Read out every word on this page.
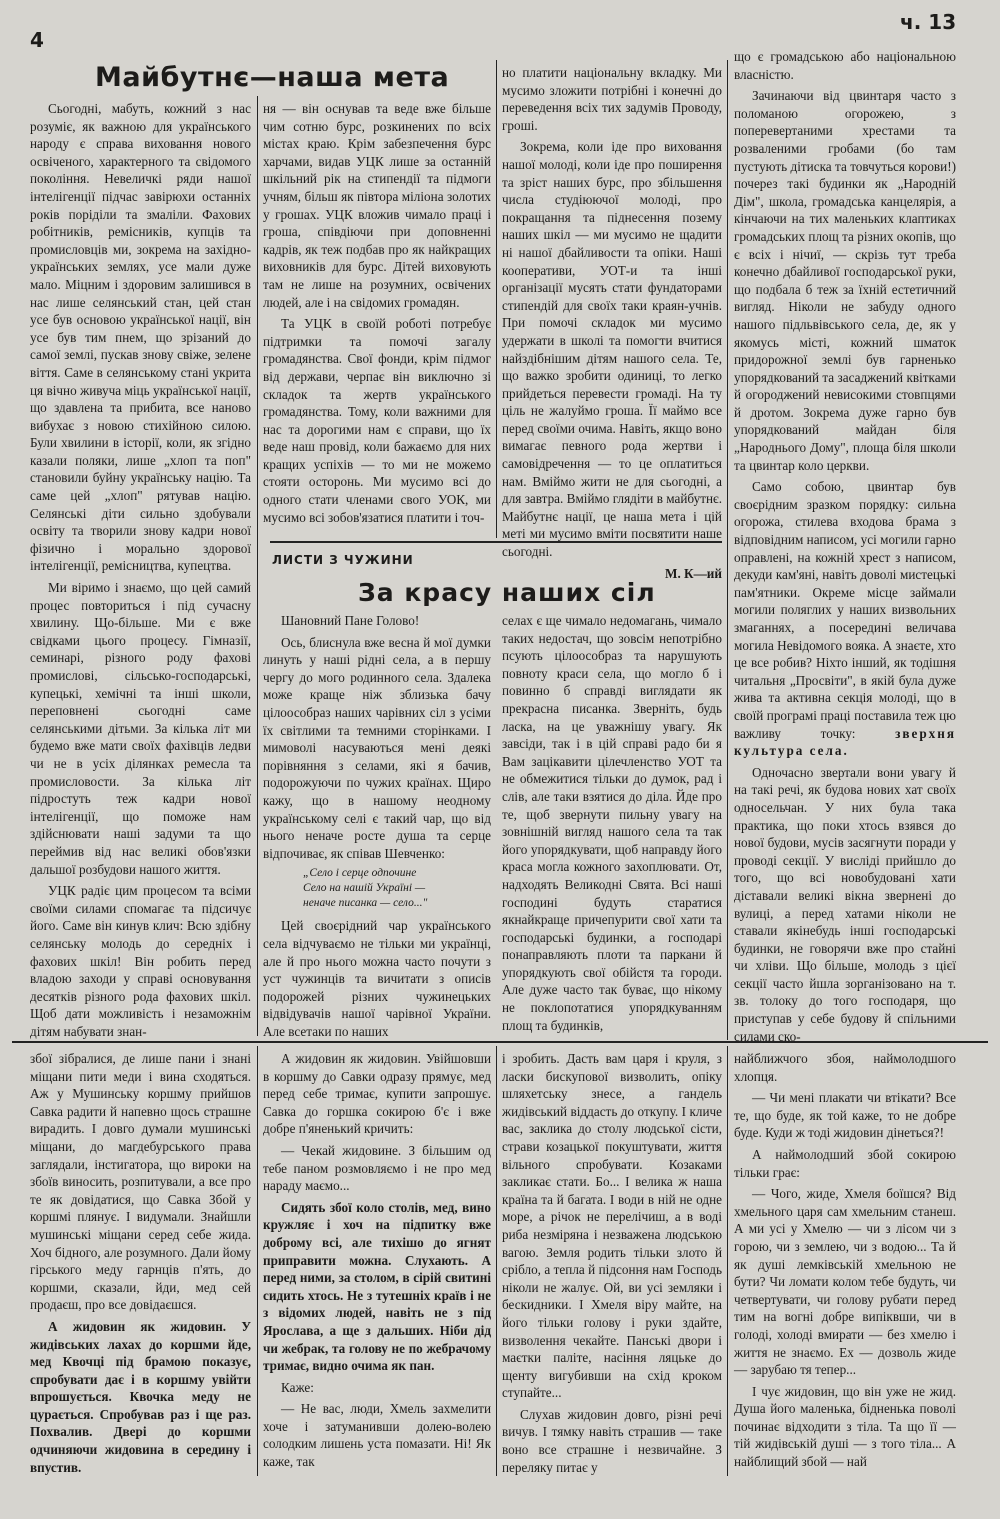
4
ч. 13
Майбутнє—наша мета

Сьогодні, мабуть, кожний з нас розуміє, як важною для українського народу є справа виховання нового освіченого, характерного та свідомого покоління. Невеличкі ряди нашої інтелігенції підчас завірюхи останніх років поріділи та змаліли. Фахових робітників, ремісників, купців та промисловців ми, зокрема на західно-українських землях, усе мали дуже мало. Міцним і здоровим залишився в нас лише селянський стан, цей стан усе був основою української нації, він усе був тим пнем, що зрізаний до самої землі, пускав знову свіже, зелене віття. Саме в селянському стані укрита ця вічно живуча міць української нації, що здавлена та прибита, все наново вибухає з новою стихійною силою. Були хвилини в історії, коли, як згідно казали поляки, лише „хлоп та поп" становили буйну українську націю. Та саме цей „хлоп" рятував націю. Селянські діти сильно здобували освіту та творили знову кадри нової фізично і морально здорової інтелігенції, ремісництва, купецтва.

Ми віримо і знаємо, що цей самий процес повториться і під сучасну хвилину. Що-більше. Ми є вже свідками цього процесу. Гімназії, семинарі, різного роду фахові промислові, сільсько-господарські, купецькі, хемічні та інші школи, переповнені сьогодні саме селянськими дітьми. За кілька літ ми будемо вже мати своїх фахівців ледви чи не в усіх ділянках ремесла та промисловости. За кілька літ підростуть теж кадри нової інтелігенції, що поможе нам здійснювати наші задуми та що переймив від нас великі обов'язки дальшої розбудови нашого життя.

УЦК радіє цим процесом та всіми своїми силами спомагає та підсичує його. Саме він кинув клич: Всю здібну селянську молодь до середніх і фахових шкіл! Він робить перед владою заходи у справі основування десятків різного рода фахових шкіл. Щоб дати можливість і незаможнім дітям набувати знан-

ня — він оснував та веде вже більше чим сотню бурс, розкинених по всіх містах краю. Крім забезпечення бурс харчами, видав УЦК лише за останній шкільний рік на стипендії та підмоги учням, більш як півтора міліона золотих у грошах. УЦК вложив чимало праці і гроша, співдіючи при доповненні кадрів, як теж подбав про як найкращих виховників для бурс. Дітей виховують там не лише на розумних, освічених людей, але і на свідомих громадян.

Та УЦК в своїй роботі потребує підтримки та помочі загалу громадянства. Свої фонди, крім підмог від держави, черпає він виключно зі складок та жертв українського громадянства. Тому, коли важними для нас та дорогими нам є справи, що їх веде наш провід, коли бажаємо для них кращих успіхів — то ми не можемо стояти осторонь. Ми мусимо всі до одного стати членами свого УОК, ми мусимо всі зобов'язатися платити і точ-

но платити національну вкладку. Ми мусимо зложити потрібні і конечні до переведення всіх тих задумів Проводу, гроші.

Зокрема, коли іде про виховання нашої молоді, коли іде про поширення та зріст наших бурс, про збільшення числа студіюючої молоді, про покращання та піднесення позему наших шкіл — ми мусимо не щадити ні нашої дбайливости та опіки. Наші кооперативи, УОТ-и та інші організації мусять стати фундаторами стипендій для своїх таки краян-учнів. При помочі складок ми мусимо удержати в школі та помогти вчитися найздібнішим дітям нашого села. Те, що важко зробити одиниці, то легко прийдеться перевести громаді. На ту ціль не жалуймо гроша. Її маймо все перед своїми очима. Навіть, якщо воно вимагає певного рода жертви і самовідречення — то це оплатиться нам. Вміймо жити не для сьогодні, а для завтра. Вміймо глядіти в майбутнє. Майбутнє нації, це наша мета і цій меті ми мусимо вміти посвятити наше сьогодні.

М. К—ий

що є громадською або національною власністю.

Зачинаючи від цвинтаря часто з поломаною огорожею, з поперевертаними хрестами та розваленими гробами (бо там пустують дітиска та товчуться корови!) почерез такі будинки як „Народній Дім", школа, громадська канцелярія, а кінчаючи на тих маленьких клаптиках громадських площ та різних окопів, що є всіх і нічиї, — скрізь тут треба конечно дбайливої господарської руки, що подбала б теж за їхній естетичний вигляд. Ніколи не забуду одного нашого підльвівського села, де, як у якомусь місті, кожний шматок придорожної землі був гарненько упорядкований та засаджений квітками й огороджений невисокими стовпцями й дротом. Зокрема дуже гарно був упорядкований майдан біля „Народнього Дому", площа біля школи та цвинтар коло церкви.

Само собою, цвинтар був своєрідним зразком порядку: сильна огорожа, стилева входова брама з відповідним написом, усі могили гарно оправлені, на кожній хрест з написом, декуди кам'яні, навіть доволі мистецькі пам'ятники. Окреме місце займали могили поляглих у наших визвольних змаганнях, а посередині величава могила Невідомого вояка. А знаєте, хто це все робив? Ніхто інший, як тодішня читальня „Просвіти", в якій була дуже жива та активна секція молоді, що в своїй програмі праці поставила теж цю важливу точку:	зверхня культура села.

Одночасно звертали вони увагу й на такі речі, як будова нових хат своїх односельчан. У них була така практика, що поки хтось взявся до нової будови, мусів засягнути поради у проводі секції. У висліді прийшло до того, що всі новобудовані хати діставали великі вікна звернені до вулиці, а перед хатами ніколи не ставали якінебудь інші господарські будинки, не говорячи вже про стайні чи хліви. Що більше, молодь з цієї секції часто йшла зорганізовано на т. зв. толоку до того господаря, що приступав у себе будову й спільними силами ско-

ЛИСТИ З ЧУЖИНИ
За красу наших сіл

Шановний Пане Голово!

Ось, блиснула вже весна й мої думки линуть у наші рідні села, а в першу чергу до мого родинного села. Здалека може краще ніж зблизька бачу цілоособраз наших чарівних сіл з усіми їх світлими та темними сторінками. І мимоволі насуваються мені деякі порівняння з селами, які я бачив, подорожуючи по чужих країнах. Щиро кажу, що в нашому неодному українському селі є такий чар, що від нього неначе росте душа та серце відпочиває, як співав Шевченко:

„Село і серце одпочине
Село на нашій Україні —
неначе писанка — село..."

Цей своєрідний чар українського села відчуваємо не тільки ми українці, але й про нього можна часто почути з уст чужинців та вичитати з описів подорожей різних чужинецьких відвідувачів нашої чарівної України. Але всетаки по наших

селах є ще чимало недомагань, чимало таких недостач, що зовсім непотрібно псують цілоособраз та нарушують повноту краси села, що могло б і повинно б справді виглядати як прекрасна писанка. Зверніть, будь ласка, на це уважнішу увагу. Як завсіди, так і в цій справі радо би я Вам зацікавити цілечленство УОТ та не обмежитися тільки до думок, рад і слів, але таки взятися до діла. Йде про те, щоб звернути пильну увагу на зовнішній вигляд нашого села та так його упорядкувати, щоб направду його краса могла кожного захоплювати. От, надходять Великодні Свята. Всі наші господині будуть старатися якнайкраще причепурити свої хати та господарські будинки, а господарі понаправляють плоти та паркани й упорядкують свої обійстя та городи. Але дуже часто так буває, що нікому не поклопотатися упорядкуванням площ та будинків,

збої зібралися, де лише пани і знані міщани пити меди і вина сходяться. Аж у Мушинську коршму прийшов Савка радити й напевно щось страшне вирадить. І довго думали мушинські міщани, до магдебурського права заглядали, інстигатора, що вироки на збоїв виносить, розпитували, а все про те як довідатися, що Савка Збой у коршмі плянує. І видумали. Знайшли мушинські міщани серед себе жида. Хоч бідного, але розумного. Дали йому гірського меду гарнців п'ять, до коршми, сказали, йди, мед сей продаєш, про все довідаєшся.

А жидовин як жидовин. У жидівських лахах до коршми йде, мед Квочці під брамою показує, спробувати дає і в коршму увійти впрошується. Квочка меду не цурається. Спробував раз і ще раз. Похвалив. Двері до коршми одчиняючи жидовина в середину і впустив.

А жидовин як жидовин. Увійшовши в коршму до Савки одразу прямує, мед перед себе тримає, купити запрошує. Савка до горшка сокирою б'є і вже добре п'яненький кричить:

— Чекай жидовине. З більшим од тебе паном розмовляємо і не про мед нараду маємо...

Сидять збої коло столів, мед, вино кружляє і хоч на підпитку вже доброму всі, але тихішо до ягнят приправити можна. Слухають. А перед ними, за столом, в сірій свитині сидить хтось. Не з тутешніх країв і не з відомих людей, навіть не з під Ярослава, а ще з дальших. Ніби дід чи жебрак, та голову не по жебрачому тримає, видно очима як пан.

Каже:

— Не вас, люди, Хмель захмелити хоче і затуманивши долею-волею солодким лишень уста помазати. Ні! Як каже, так

і зробить. Дасть вам царя і круля, з ласки бискупової визволить, опіку шляхетську знесе, а гандель жидівський віддасть до откупу. І кличе вас, заклика до столу людської сісти, страви козацької покуштувати, життя вільного спробувати. Козаками закликає стати. Бо... І велика ж наша країна та й багата. І води в ній не одне море, а річок не перелічиш, а в воді риба незміряна і незважена людською вагою. Земля родить тільки злото й срібло, а тепла й підсоння нам Господь ніколи не жалує. Ой, ви усі земляки і бескидники. І Хмеля віру майте, на його тільки голову і руки здайте, визволення чекайте. Панські двори і маєтки паліте, насіння ляцьке до щенту вигубивши на схід кроком ступайте...

Слухав жидовин довго, різні речі вичув. І тямку навіть страшив — таке воно все страшне і незвичайне. З переляку питає у

найближчого збоя, наймолодшого хлопця.

— Чи мені плакати чи втікати? Все те, що буде, як той каже, то не добре буде. Куди ж тоді жидовин дінеться?!

А наймолодший збой сокирою тільки грає:

— Чого, жиде, Хмеля боїшся? Від хмельного царя сам хмельним станеш. А ми усі у Хмелю — чи з лісом чи з горою, чи з землею, чи з водою... Та й як душі лемківській хмельною не бути? Чи ломати колом тебе будуть, чи четвертувати, чи голову рубати перед тим на вогні добре випіквши, чи в голоді, холоді вмирати — без хмелю і життя не знаємо. Ех — дозволь жиде — зарубаю тя тепер...

І чує жидовин, що він уже не жид. Душа його маленька, бідненька поволі починає відходити з тіла. Та що її — тій жидівській душі — з того тіла... А найблищий збой — най
